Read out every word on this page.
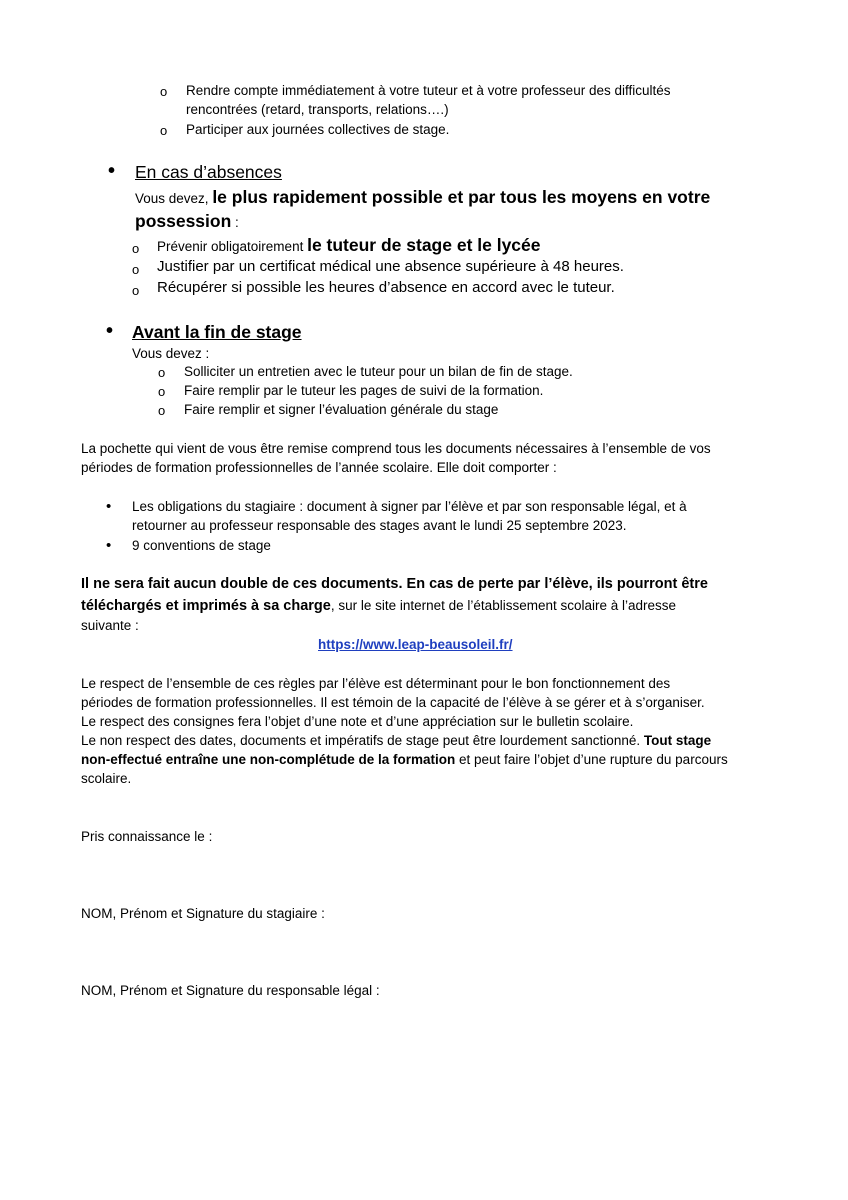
o Rendre compte immédiatement à votre tuteur et à votre professeur des difficultés
rencontrées (retard, transports, relations….)
o Participer aux journées collectives de stage.
• En cas d’absences
Vous devez, le plus rapidement possible et par tous les moyens en votre
possession :
o Prévenir obligatoirement le tuteur de stage et le lycée
o Justifier par un certificat médical une absence supérieure à 48 heures.
o Récupérer si possible les heures d’absence en accord avec le tuteur.
• Avant la fin de stage
Vous devez :
o Solliciter un entretien avec le tuteur pour un bilan de fin de stage.
o Faire remplir par le tuteur les pages de suivi de la formation.
o Faire remplir et signer l’évaluation générale du stage
La pochette qui vient de vous être remise comprend tous les documents nécessaires à l’ensemble de vos
périodes de formation professionnelles de l’année scolaire. Elle doit comporter :
• Les obligations du stagiaire : document à signer par l’élève et par son responsable légal, et à
retourner au professeur responsable des stages avant le lundi 25 septembre 2023.
• 9 conventions de stage
Il ne sera fait aucun double de ces documents. En cas de perte par l’élève, ils pourront être
téléchargés et imprimés à sa charge, sur le site internet de l’établissement scolaire à l’adresse
suivante :
https://www.leap-beausoleil.fr/
Le respect de l’ensemble de ces règles par l’élève est déterminant pour le bon fonctionnement des
périodes de formation professionnelles. Il est témoin de la capacité de l’élève à se gérer et à s’organiser.
Le respect des consignes fera l’objet d’une note et d’une appréciation sur le bulletin scolaire.
Le non respect des dates, documents et impératifs de stage peut être lourdement sanctionné. Tout stage
non-effectué entraîne une non-complétude de la formation et peut faire l’objet d’une rupture du parcours
scolaire.
Pris connaissance le :
NOM, Prénom et Signature du stagiaire :
NOM, Prénom et Signature du responsable légal :
